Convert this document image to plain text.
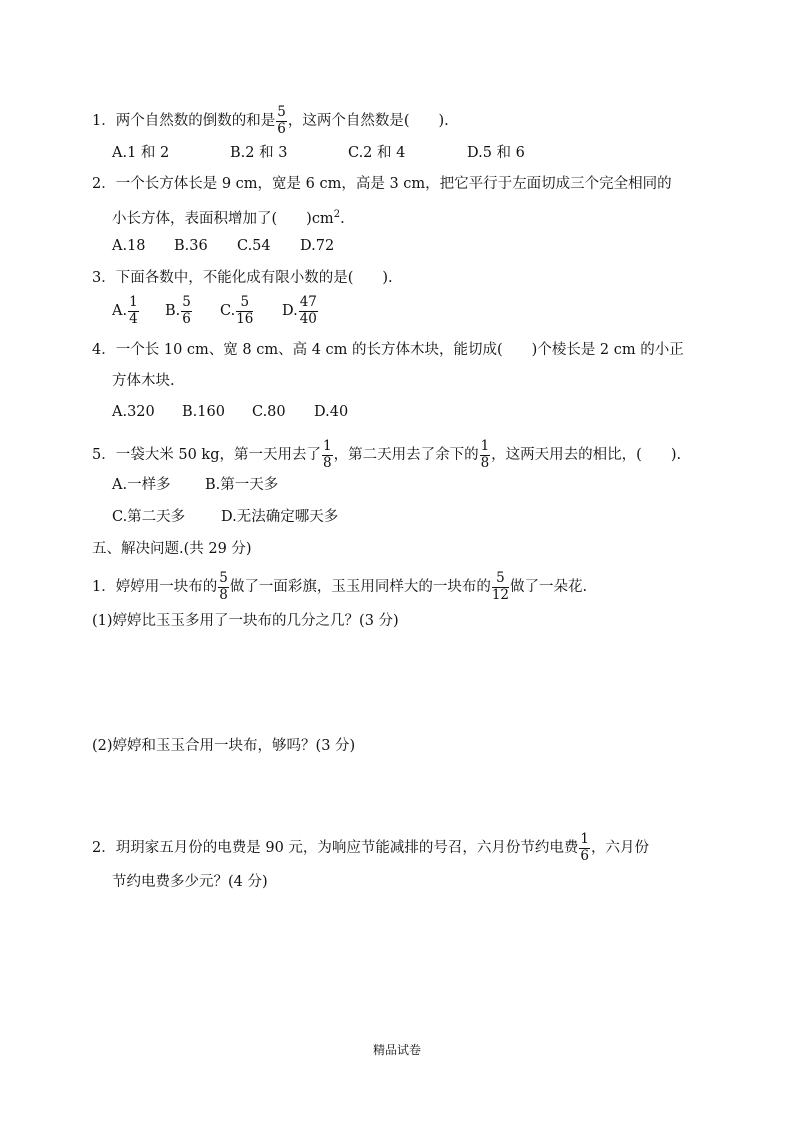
1．两个自然数的倒数的和是 $\frac{5}{6}$ ，这两个自然数是(　　).
A.1 和 2	B.2 和 3	C.2 和 4	D.5 和 6
2．一个长方体长是 9 cm，宽是 6 cm，高是 3 cm，把它平行于左面切成三个完全相同的
小长方体，表面积增加了(　　)$cm^2$.
A.18 B.36 C.54 D.72
3．下面各数中，不能化成有限小数的是(　　).
A. $\frac{1}{4} B$. $\frac{5}{6} C$. $\frac{5}{16} D$. $\frac{47}{40}$
4．一个长 10 cm、宽 8 cm、高 4 cm 的长方体木块，能切成(　　)个棱长是 2 cm 的小正
方体木块.
A.320 B.160 C.80 D.40
5．一袋大米 50 kg，第一天用去了 $\frac{1}{8}$ ，第二天用去了余下的 $\frac{1}{8}$ ，这两天用去的相比，(　　).
A.一样多 B.第一天多
C.第二天多 D.无法确定哪天多
五、解决问题.(共 29 分)
1．婷婷用一块布的 $\frac{5}{8}$ 做了一面彩旗，玉玉用同样大的一块布的 $\frac{5}{12}$ 做了一朵花.
(1)婷婷比玉玉多用了一块布的几分之几？(3 分)
(2)婷婷和玉玉合用一块布，够吗？(3 分)
2．玥玥家五月份的电费是 90 元，为响应节能减排的号召，六月份节约电费 $\frac{1}{6}$ ，六月份
节约电费多少元？(4 分)
精品试卷
